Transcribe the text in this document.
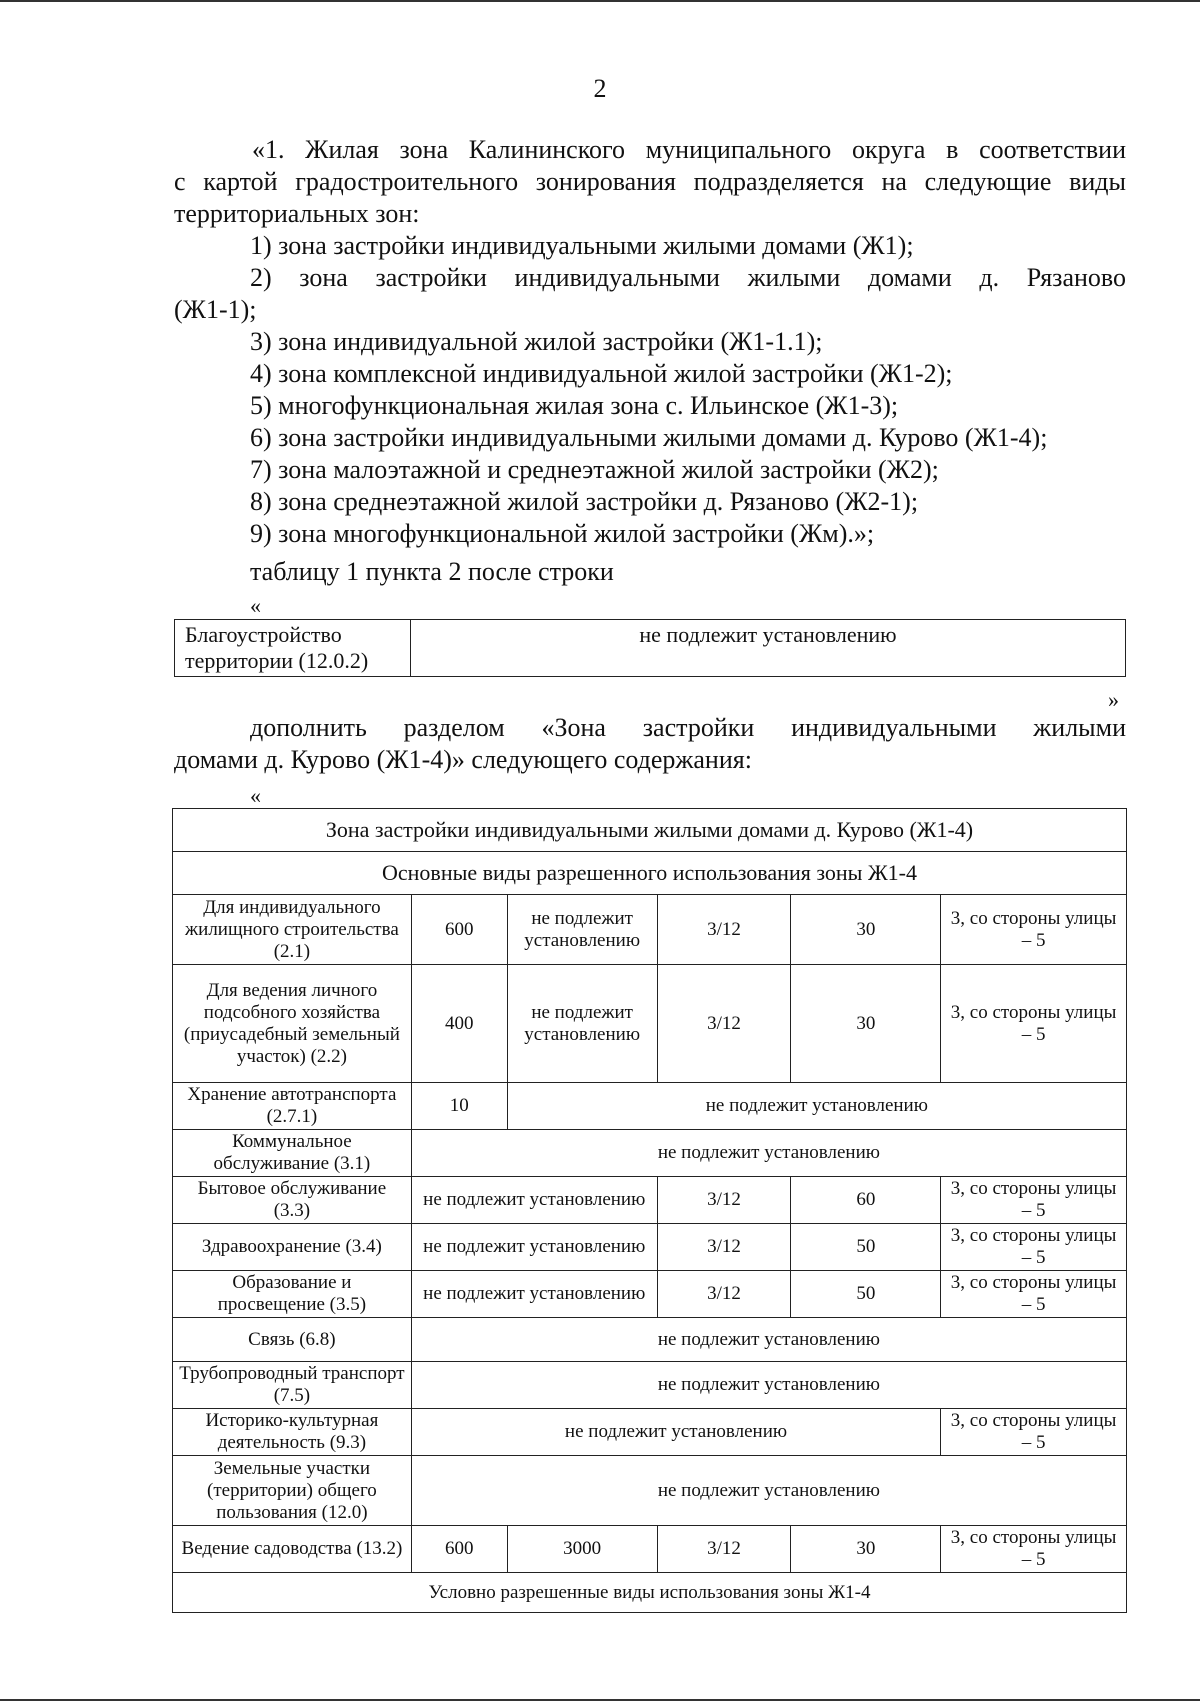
2
«1. Жилая зона Калининского муниципального округа в соответствии
с картой градостроительного зонирования подразделяется на следующие виды
территориальных зон:
1) зона застройки индивидуальными жилыми домами (Ж1);
2) зона застройки индивидуальными жилыми домами д. Рязаново
(Ж1-1);
3) зона индивидуальной жилой застройки (Ж1-1.1);
4) зона комплексной индивидуальной жилой застройки (Ж1-2);
5) многофункциональная жилая зона с. Ильинское (Ж1-3);
6) зона застройки индивидуальными жилыми домами д. Курово (Ж1-4);
7) зона малоэтажной и среднеэтажной жилой застройки (Ж2);
8) зона среднеэтажной жилой застройки д. Рязаново (Ж2-1);
9) зона многофункциональной жилой застройки (Жм).»;
таблицу 1 пункта 2 после строки
«
Благоустройство территории (12.0.2)	не подлежит установлению
»
дополнить разделом «Зона застройки индивидуальными жилыми
домами д. Курово (Ж1-4)» следующего содержания:
«
Зона застройки индивидуальными жилыми домами д. Курово (Ж1-4)					
Основные виды разрешенного использования зоны Ж1-4					
Для индивидуального жилищного строительства (2.1)	600	не подлежит установлению	3/12	30	3, со стороны улицы – 5
Для ведения личного подсобного хозяйства (приусадебный земельный участок) (2.2)	400	не подлежит установлению	3/12	30	3, со стороны улицы – 5
Хранение автотранспорта (2.7.1)	10	не подлежит установлению			
Коммунальное обслуживание (3.1)	не подлежит установлению				
Бытовое обслуживание (3.3)	не подлежит установлению		3/12	60	3, со стороны улицы – 5
Здравоохранение (3.4)	не подлежит установлению		3/12	50	3, со стороны улицы – 5
Образование и просвещение (3.5)	не подлежит установлению		3/12	50	3, со стороны улицы – 5
Связь (6.8)	не подлежит установлению				
Трубопроводный транспорт (7.5)	не подлежит установлению				
Историко-культурная деятельность (9.3)	не подлежит установлению				3, со стороны улицы – 5
Земельные участки (территории) общего пользования (12.0)	не подлежит установлению				
Ведение садоводства (13.2)	600	3000	3/12	30	3, со стороны улицы – 5
Условно разрешенные виды использования зоны Ж1-4					
